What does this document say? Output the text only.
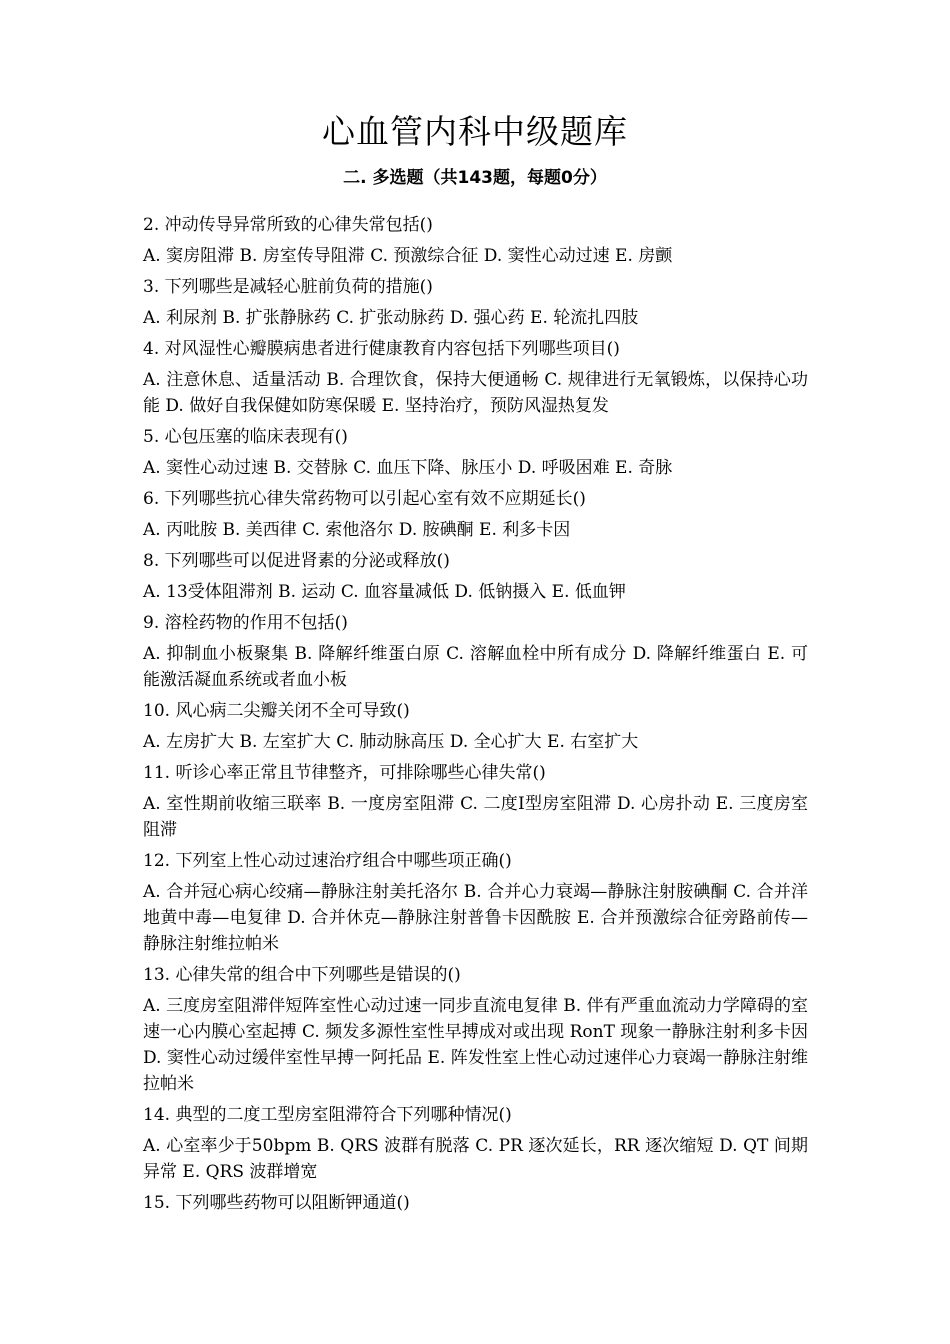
心血管内科中级题库
二. 多选题（共143题，每题0分）

2. 冲动传导异常所致的心律失常包括()

A. 窦房阻滞 B. 房室传导阻滞 C. 预激综合征 D. 窦性心动过速 E. 房颤

3. 下列哪些是减轻心脏前负荷的措施()

A. 利尿剂 B. 扩张静脉药 C. 扩张动脉药 D. 强心药 E. 轮流扎四肢

4. 对风湿性心瓣膜病患者进行健康教育内容包括下列哪些项目()

A. 注意休息、适量活动 B. 合理饮食，保持大便通畅 C. 规律进行无氧锻炼，以保持心功能 D. 做好自我保健如防寒保暖 E. 坚持治疗，预防风湿热复发

5. 心包压塞的临床表现有()

A. 窦性心动过速 B. 交替脉 C. 血压下降、脉压小 D. 呼吸困难 E. 奇脉

6. 下列哪些抗心律失常药物可以引起心室有效不应期延长()

A. 丙吡胺 B. 美西律 C. 索他洛尔 D. 胺碘酮 E. 利多卡因

8. 下列哪些可以促进肾素的分泌或释放()

A. 13受体阻滞剂 B. 运动 C. 血容量减低 D. 低钠摄入 E. 低血钾

9. 溶栓药物的作用不包括()

A. 抑制血小板聚集 B. 降解纤维蛋白原 C. 溶解血栓中所有成分 D. 降解纤维蛋白 E. 可能激活凝血系统或者血小板

10. 风心病二尖瓣关闭不全可导致()

A. 左房扩大 B. 左室扩大 C. 肺动脉高压 D. 全心扩大 E. 右室扩大

11. 听诊心率正常且节律整齐，可排除哪些心律失常()

A. 室性期前收缩三联率 B. 一度房室阻滞 C. 二度Ⅰ型房室阻滞 D. 心房扑动 E. 三度房室阻滞

12. 下列室上性心动过速治疗组合中哪些项正确()

A. 合并冠心病心绞痛—静脉注射美托洛尔 B. 合并心力衰竭—静脉注射胺碘酮 C. 合并洋地黄中毒—电复律 D. 合并休克—静脉注射普鲁卡因酰胺 E. 合并预激综合征旁路前传—静脉注射维拉帕米

13. 心律失常的组合中下列哪些是错误的()

A. 三度房室阻滞伴短阵室性心动过速一同步直流电复律 B. 伴有严重血流动力学障碍的室速一心内膜心室起搏 C. 频发多源性室性早搏成对或出现 RonT 现象一静脉注射利多卡因 D. 窦性心动过缓伴室性早搏一阿托品 E. 阵发性室上性心动过速伴心力衰竭一静脉注射维拉帕米

14. 典型的二度工型房室阻滞符合下列哪种情况()

A. 心室率少于50bpm B. QRS 波群有脱落 C. PR 逐次延长，RR 逐次缩短 D. QT 间期异常 E. QRS 波群增宽

15. 下列哪些药物可以阻断钾通道()
